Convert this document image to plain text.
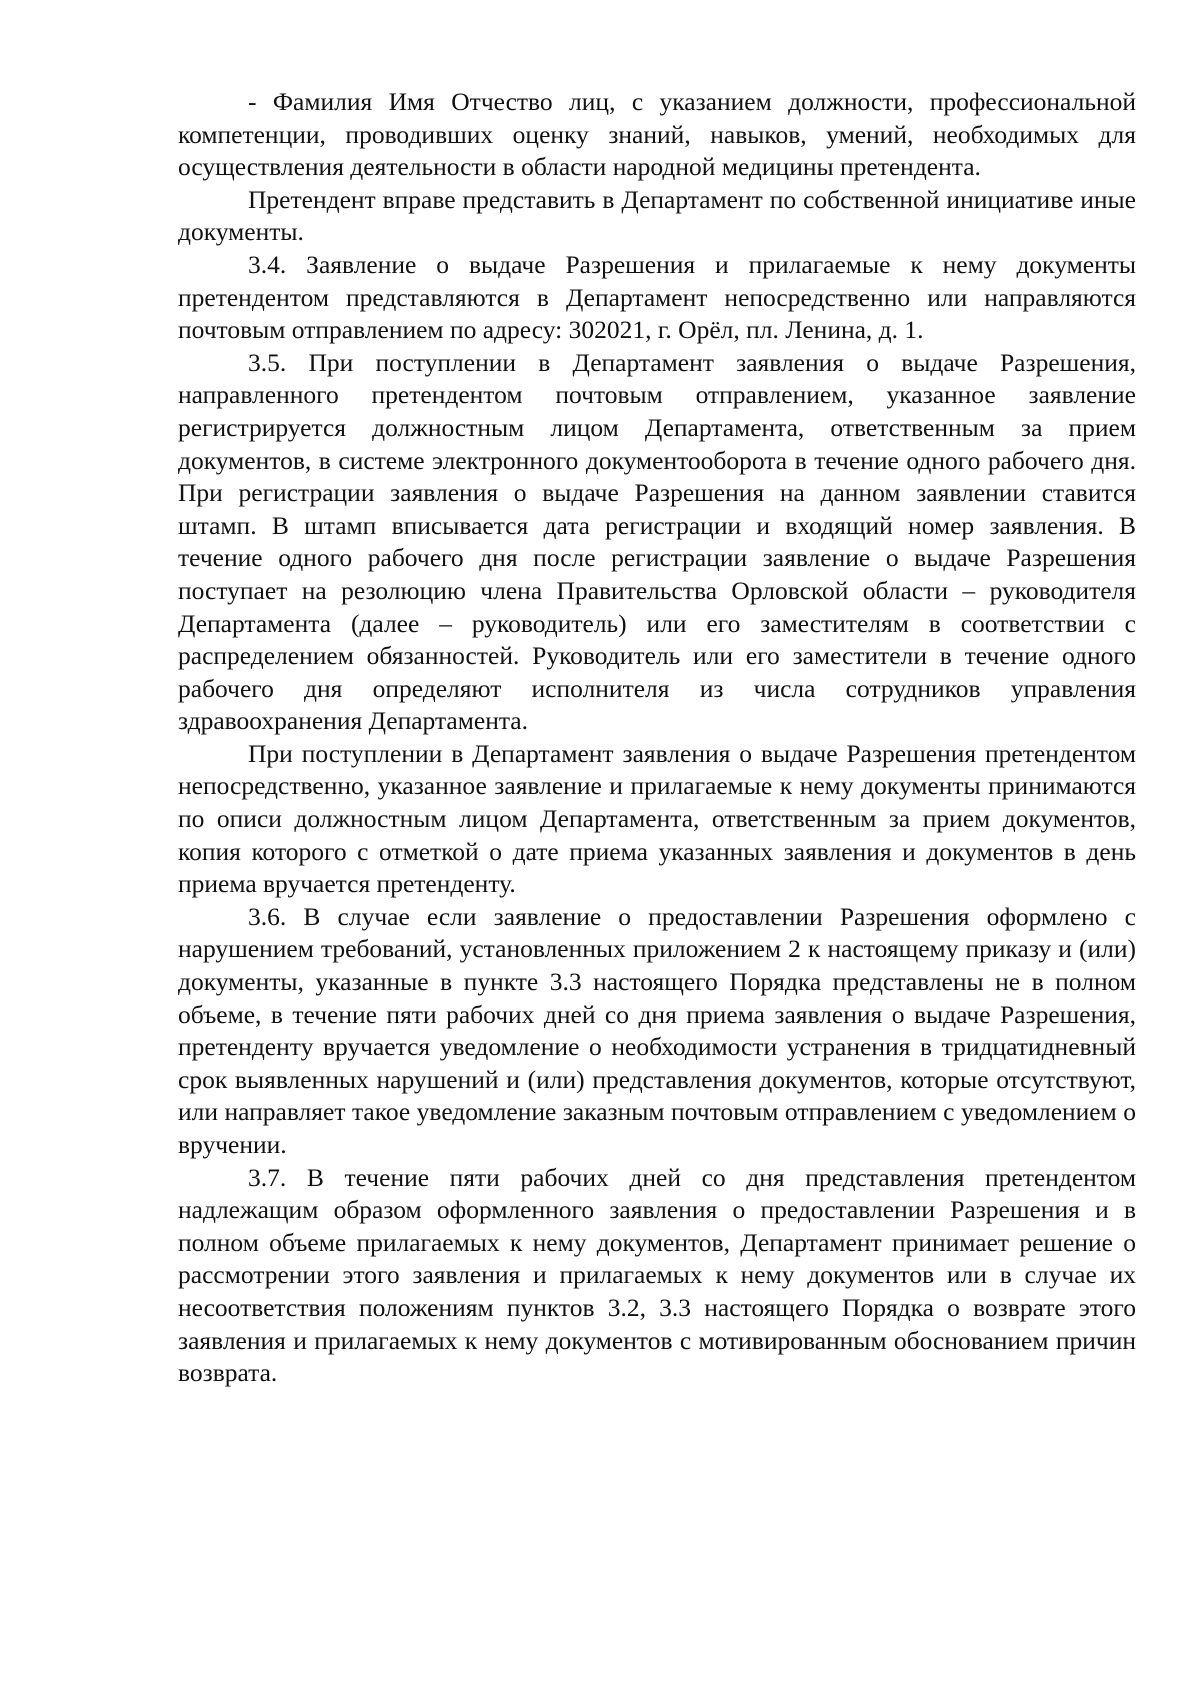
- Фамилия Имя Отчество лиц, с указанием должности, профессиональной компетенции, проводивших оценку знаний, навыков, умений, необходимых для осуществления деятельности в области народной медицины претендента.

Претендент вправе представить в Департамент по собственной инициативе иные документы.

3.4. Заявление о выдаче Разрешения и прилагаемые к нему документы претендентом представляются в Департамент непосредственно или направляются почтовым отправлением по адресу: 302021, г. Орёл, пл. Ленина, д. 1.

3.5. При поступлении в Департамент заявления о выдаче Разрешения, направленного претендентом почтовым отправлением, указанное заявление регистрируется должностным лицом Департамента, ответственным за прием документов, в системе электронного документооборота в течение одного рабочего дня. При регистрации заявления о выдаче Разрешения на данном заявлении ставится штамп. В штамп вписывается дата регистрации и входящий номер заявления. В течение одного рабочего дня после регистрации заявление о выдаче Разрешения поступает на резолюцию члена Правительства Орловской области – руководителя Департамента (далее – руководитель) или его заместителям в соответствии с распределением обязанностей. Руководитель или его заместители в течение одного рабочего дня определяют исполнителя из числа сотрудников управления здравоохранения Департамента.

При поступлении в Департамент заявления о выдаче Разрешения претендентом непосредственно, указанное заявление и прилагаемые к нему документы принимаются по описи должностным лицом Департамента, ответственным за прием документов, копия которого с отметкой о дате приема указанных заявления и документов в день приема вручается претенденту.

3.6. В случае если заявление о предоставлении Разрешения оформлено с нарушением требований, установленных приложением 2 к настоящему приказу и (или) документы, указанные в пункте 3.3 настоящего Порядка представлены не в полном объеме, в течение пяти рабочих дней со дня приема заявления о выдаче Разрешения, претенденту вручается уведомление о необходимости устранения в тридцатидневный срок выявленных нарушений и (или) представления документов, которые отсутствуют, или направляет такое уведомление заказным почтовым отправлением с уведомлением о вручении.

3.7. В течение пяти рабочих дней со дня представления претендентом надлежащим образом оформленного заявления о предоставлении Разрешения и в полном объеме прилагаемых к нему документов, Департамент принимает решение о рассмотрении этого заявления и прилагаемых к нему документов или в случае их несоответствия положениям пунктов 3.2, 3.3 настоящего Порядка о возврате этого заявления и прилагаемых к нему документов с мотивированным обоснованием причин возврата.
